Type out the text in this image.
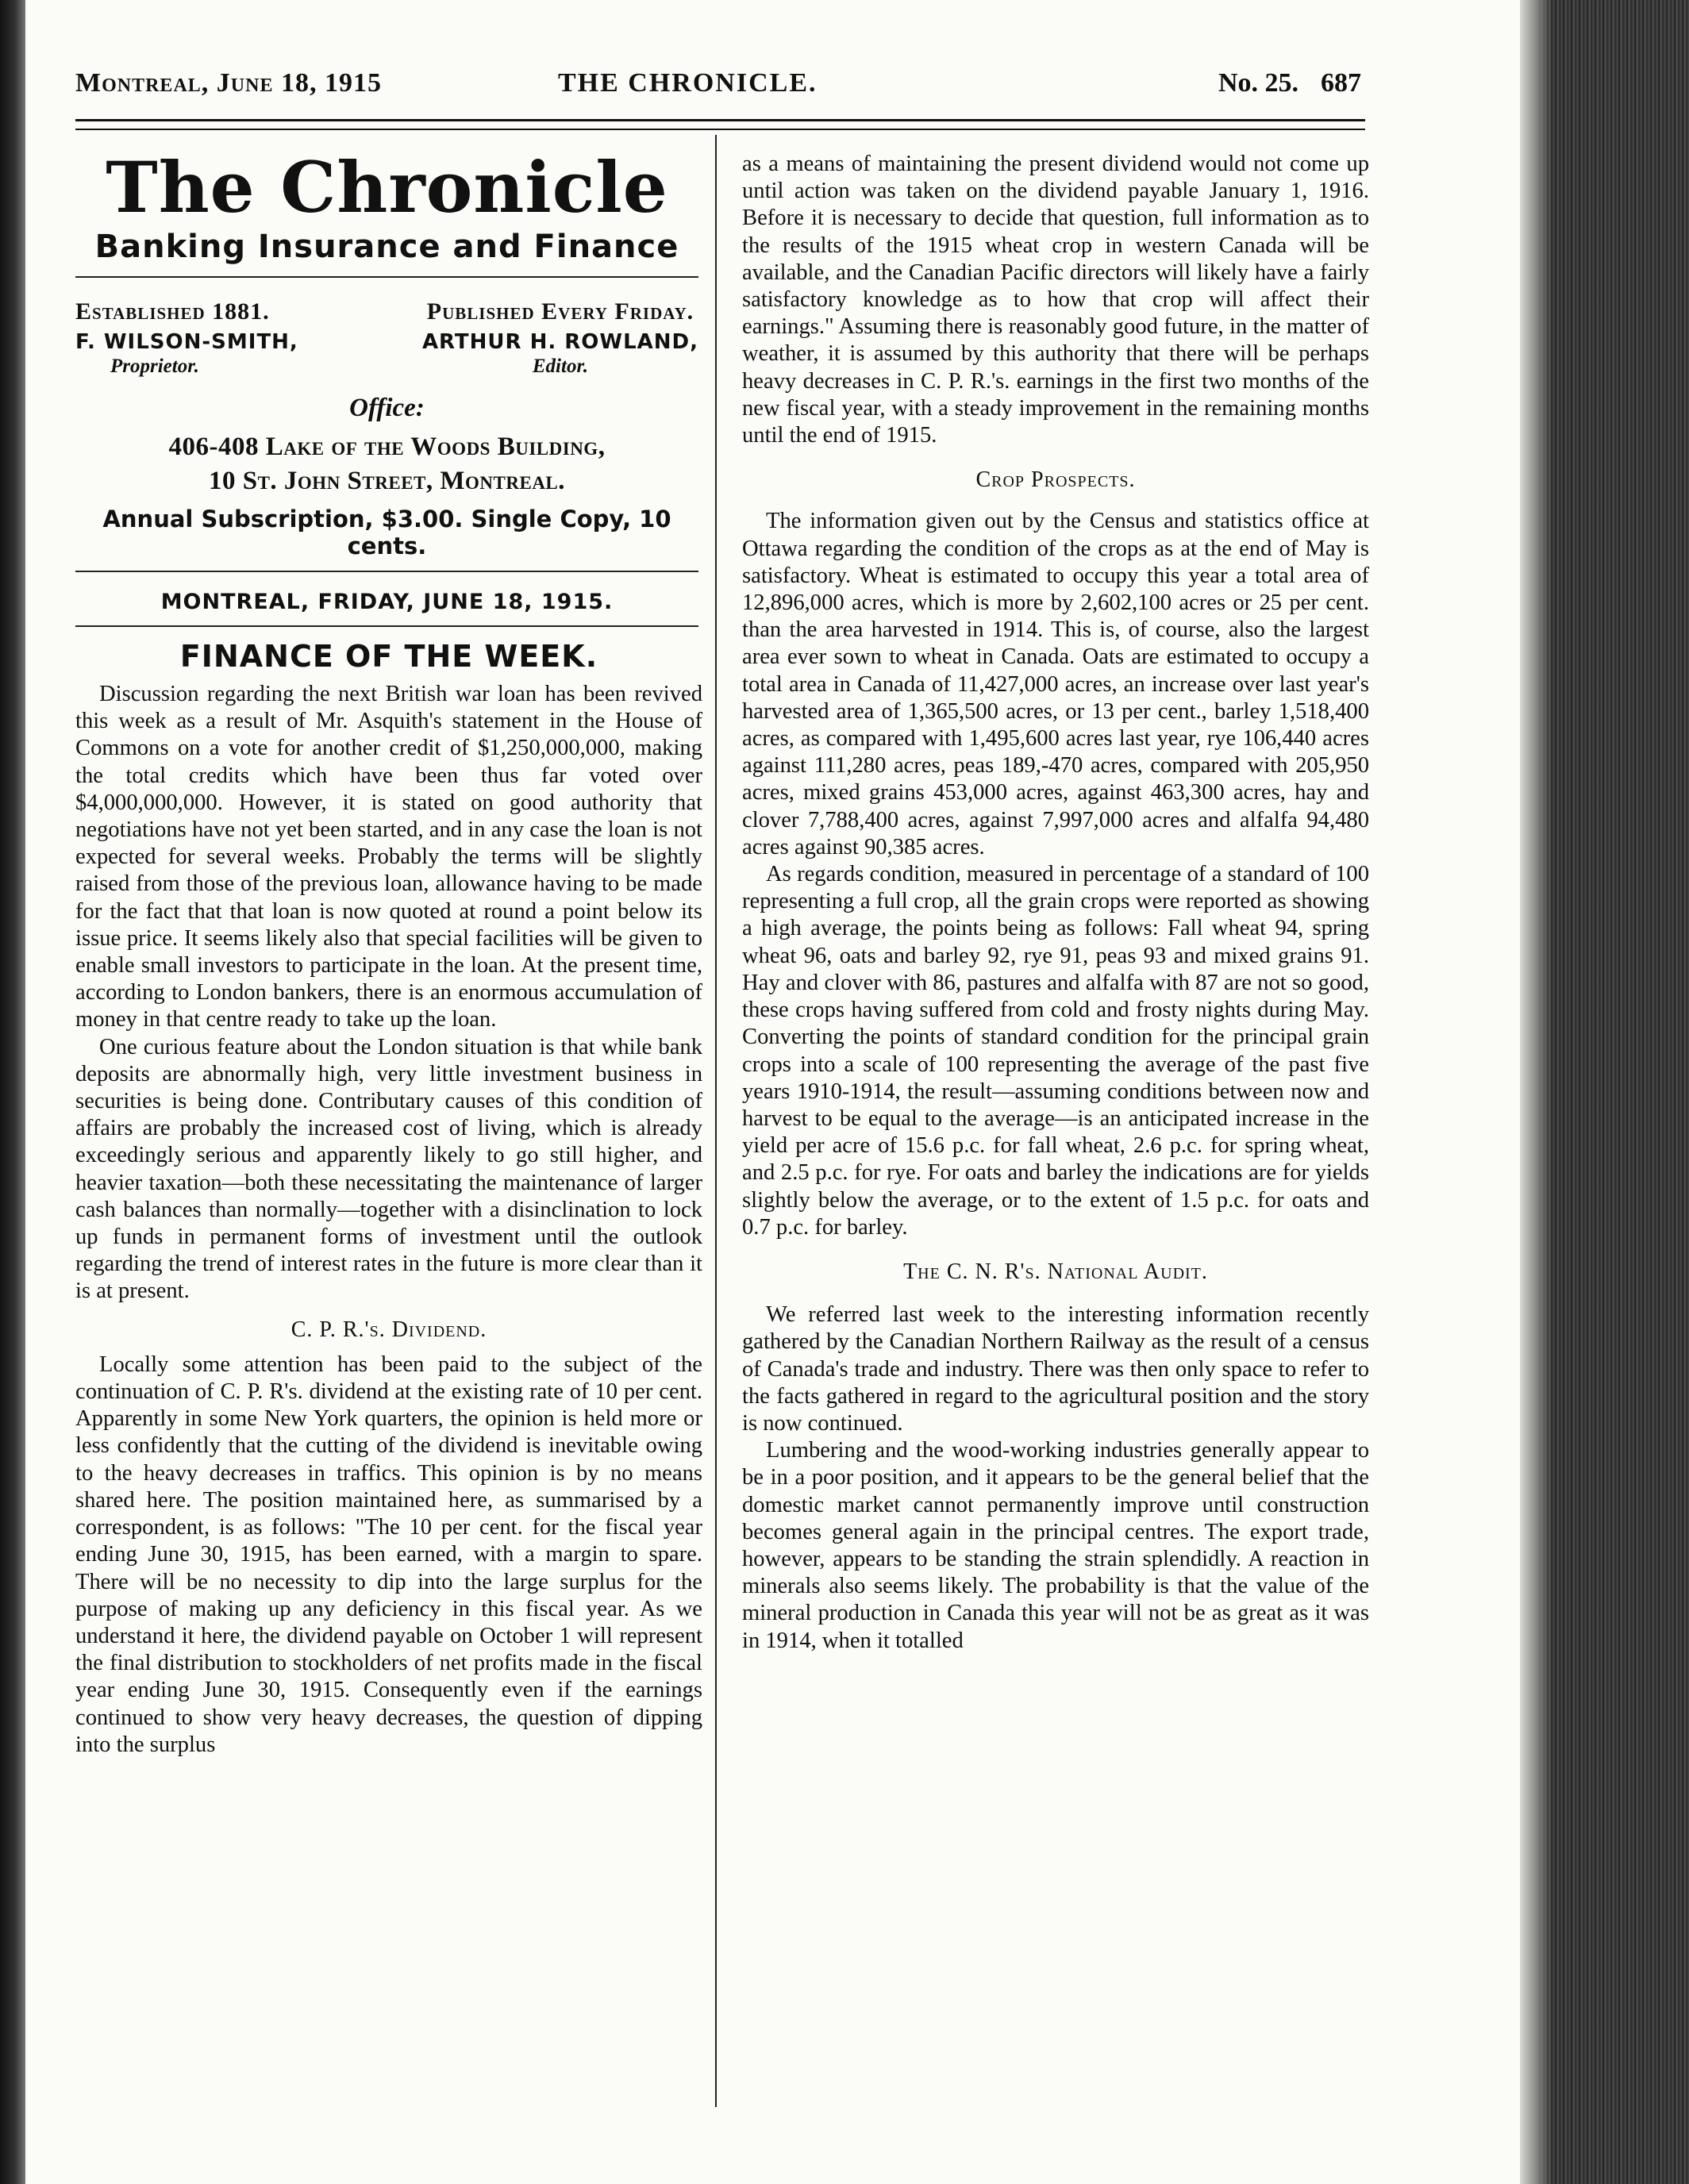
Montreal, June 18, 1915	THE CHRONICLE.	No. 25. 687
The Chronicle
Banking Insurance and Finance
Established 1881.
F. WILSON-SMITH,
Proprietor.
Published Every Friday.
ARTHUR H. ROWLAND,
Editor.
Office:
406-408 Lake of the Woods Building,
10 St. John Street, Montreal.
Annual Subscription, $3.00. Single Copy, 10 cents.
MONTREAL, FRIDAY, JUNE 18, 1915.
FINANCE OF THE WEEK.

Discussion regarding the next British war loan has been revived this week as a result of Mr. Asquith's statement in the House of Commons on a vote for another credit of $1,250,000,000, making the total credits which have been thus far voted over $4,000,000,000. However, it is stated on good authority that negotiations have not yet been started, and in any case the loan is not expected for several weeks. Probably the terms will be slightly raised from those of the previous loan, allowance having to be made for the fact that that loan is now quoted at round a point below its issue price. It seems likely also that special facilities will be given to enable small investors to participate in the loan. At the present time, according to London bankers, there is an enormous accumulation of money in that centre ready to take up the loan.

One curious feature about the London situation is that while bank deposits are abnormally high, very little investment business in securities is being done. Contributary causes of this condition of affairs are probably the increased cost of living, which is already exceedingly serious and apparently likely to go still higher, and heavier taxation—both these necessitating the maintenance of larger cash balances than normally—together with a disinclination to lock up funds in permanent forms of investment until the outlook regarding the trend of interest rates in the future is more clear than it is at present.

C. P. R.'s. Dividend.

Locally some attention has been paid to the subject of the continuation of C. P. R's. dividend at the existing rate of 10 per cent. Apparently in some New York quarters, the opinion is held more or less confidently that the cutting of the dividend is inevitable owing to the heavy decreases in traffics. This opinion is by no means shared here. The position maintained here, as summarised by a correspondent, is as follows: "The 10 per cent. for the fiscal year ending June 30, 1915, has been earned, with a margin to spare. There will be no necessity to dip into the large surplus for the purpose of making up any deficiency in this fiscal year. As we understand it here, the dividend payable on October 1 will represent the final distribution to stockholders of net profits made in the fiscal year ending June 30, 1915. Consequently even if the earnings continued to show very heavy decreases, the question of dipping into the surplus

as a means of maintaining the present dividend would not come up until action was taken on the dividend payable January 1, 1916. Before it is necessary to decide that question, full information as to the results of the 1915 wheat crop in western Canada will be available, and the Canadian Pacific directors will likely have a fairly satisfactory knowledge as to how that crop will affect their earnings." Assuming there is reasonably good future, in the matter of weather, it is assumed by this authority that there will be perhaps heavy decreases in C. P. R.'s. earnings in the first two months of the new fiscal year, with a steady improvement in the remaining months until the end of 1915.

Crop Prospects.

The information given out by the Census and statistics office at Ottawa regarding the condition of the crops as at the end of May is satisfactory. Wheat is estimated to occupy this year a total area of 12,896,000 acres, which is more by 2,602,100 acres or 25 per cent. than the area harvested in 1914. This is, of course, also the largest area ever sown to wheat in Canada. Oats are estimated to occupy a total area in Canada of 11,427,000 acres, an increase over last year's harvested area of 1,365,500 acres, or 13 per cent., barley 1,518,400 acres, as compared with 1,495,600 acres last year, rye 106,440 acres against 111,280 acres, peas 189,-470 acres, compared with 205,950 acres, mixed grains 453,000 acres, against 463,300 acres, hay and clover 7,788,400 acres, against 7,997,000 acres and alfalfa 94,480 acres against 90,385 acres.

As regards condition, measured in percentage of a standard of 100 representing a full crop, all the grain crops were reported as showing a high average, the points being as follows: Fall wheat 94, spring wheat 96, oats and barley 92, rye 91, peas 93 and mixed grains 91. Hay and clover with 86, pastures and alfalfa with 87 are not so good, these crops having suffered from cold and frosty nights during May. Converting the points of standard condition for the principal grain crops into a scale of 100 representing the average of the past five years 1910-1914, the result—assuming conditions between now and harvest to be equal to the average—is an anticipated increase in the yield per acre of 15.6 p.c. for fall wheat, 2.6 p.c. for spring wheat, and 2.5 p.c. for rye. For oats and barley the indications are for yields slightly below the average, or to the extent of 1.5 p.c. for oats and 0.7 p.c. for barley.

The C. N. R's. National Audit.

We referred last week to the interesting information recently gathered by the Canadian Northern Railway as the result of a census of Canada's trade and industry. There was then only space to refer to the facts gathered in regard to the agricultural position and the story is now continued.

Lumbering and the wood-working industries generally appear to be in a poor position, and it appears to be the general belief that the domestic market cannot permanently improve until construction becomes general again in the principal centres. The export trade, however, appears to be standing the strain splendidly. A reaction in minerals also seems likely. The probability is that the value of the mineral production in Canada this year will not be as great as it was in 1914, when it totalled
